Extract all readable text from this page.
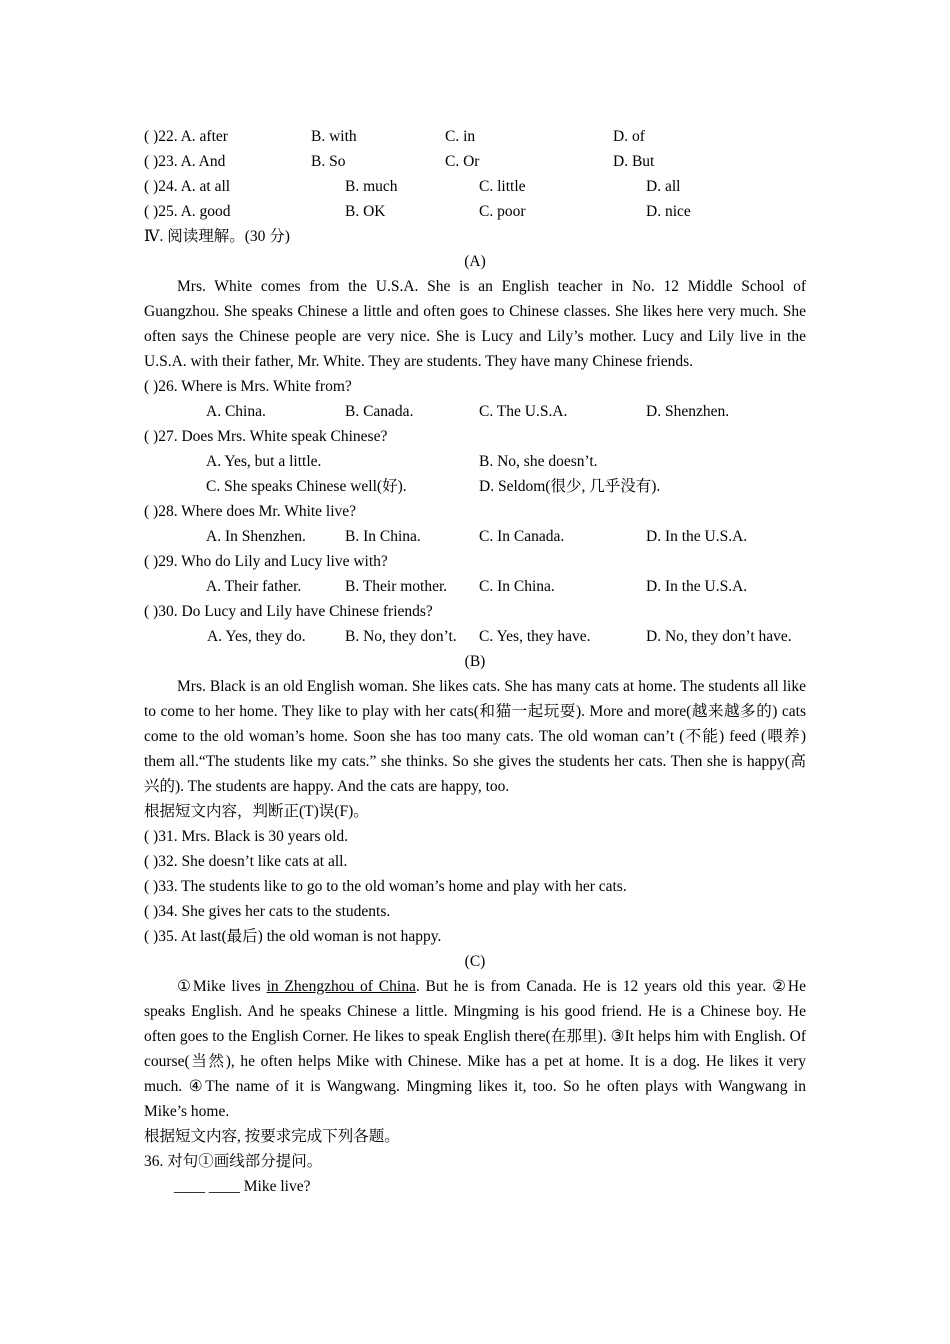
( )22. A. after	B. with	C. in	D. of
( )23. A. And	B. So	C. Or	D. But
( )24. A. at all	B. much	C. little	D. all
( )25. A. good	B. OK	C. poor	D. nice
Ⅳ. 阅读理解。(30 分)
(A)
Mrs. White comes from the U.S.A. She is an English teacher in No. 12 Middle School of Guangzhou. She speaks Chinese a little and often goes to Chinese classes. She likes here very much. She often says the Chinese people are very nice. She is Lucy and Lily’s mother. Lucy and Lily live in the U.S.A. with their father, Mr. White. They are students. They have many Chinese friends.
( )26. Where is Mrs. White from?
A. China.	B. Canada.	C. The U.S.A.	D. Shenzhen.
( )27. Does Mrs. White speak Chinese?
A. Yes, but a little.	B. No, she doesn’t.
C. She speaks Chinese well(好).	D. Seldom(很少, 几乎没有).
( )28. Where does Mr. White live?
A. In Shenzhen.	B. In China.	C. In Canada.	D. In the U.S.A.
( )29. Who do Lily and Lucy live with?
A. Their father.	B. Their mother. C. In China.	D. In the U.S.A.
( )30. Do Lucy and Lily have Chinese friends?
A. Yes, they do.	B. No, they don’t. C. Yes, they have.	D. No, they don’t have.
(B)
Mrs. Black is an old English woman. She likes cats. She has many cats at home. The students all like to come to her home. They like to play with her cats(和猫一起玩耍). More and more(越来越多的) cats come to the old woman’s home. Soon she has too many cats. The old woman can’t (不能) feed (喂养) them all.“The students like my cats.” she thinks. So she gives the students her cats. Then she is happy(高兴的). The students are happy. And the cats are happy, too.
根据短文内容，判断正(T)误(F)。
( )31. Mrs. Black is 30 years old.
( )32. She doesn’t like cats at all.
( )33. The students like to go to the old woman’s home and play with her cats.
( )34. She gives her cats to the students.
( )35. At last(最后) the old woman is not happy.
(C)
①Mike lives in Zhengzhou of China. But he is from Canada. He is 12 years old this year. ②He speaks English. And he speaks Chinese a little. Mingming is his good friend. He is a Chinese boy. He often goes to the English Corner. He likes to speak English there(在那里). ③It helps him with English. Of course(当然), he often helps Mike with Chinese. Mike has a pet at home. It is a dog. He likes it very much. ④The name of it is Wangwang. Mingming likes it, too. So he often plays with Wangwang in Mike’s home.
根据短文内容, 按要求完成下列各题。
36. 对句①画线部分提问。
____ ____ Mike live?
